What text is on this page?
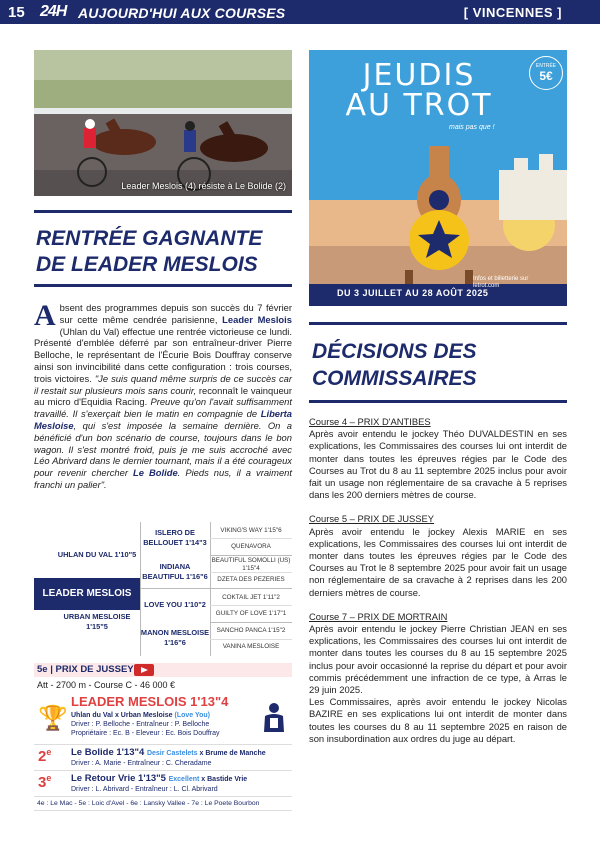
15 24H AUJOURD'HUI AUX COURSES	[ VINCENNES ]
Leader Meslois (4) résiste à Le Bolide (2)
JEUDIS
AU TROT
mais pas que !
ENTRÉE
5€
Infos et billetterie sur letrot.com
DU 3 JUILLET AU 28 AOÛT 2025
RENTRÉE GAGNANTE DE LEADER MESLOIS
Absent des programmes depuis son succès du 7 février sur cette même cendrée parisienne, Leader Meslois (Uhlan du Val) effectue une rentrée victorieuse ce lundi. Présenté d'emblée déferré par son entraîneur-driver Pierre Belloche, le représentant de l'Écurie Bois Douffray conserve ainsi son invincibilité dans cette configuration : trois courses, trois victoires. "Je suis quand même surpris de ce succès car il restait sur plusieurs mois sans courir, reconnaît le vainqueur au micro d'Equidia Racing. Preuve qu'on l'avait suffisamment travaillé. Il s'exerçait bien le matin en compagnie de Liberta Mesloise, qui s'est imposée la semaine dernière. On a bénéficié d'un bon scénario de course, toujours dans le bon wagon. Il s'est montré froid, puis je me suis accroché avec Léo Abrivard dans le dernier tournant, mais il a été courageux pour revenir chercher Le Bolide. Pieds nus, il a vraiment franchi un palier".
UHLAN DU VAL 1'10"5
LEADER MESLOIS
URBAN MESLOISE 1'15"5
ISLERO DE BELLOUET 1'14"3
INDIANA BEAUTIFUL 1'16"6
LOVE YOU 1'10"2
MANON MESLOISE 1'16"6
VIKING'S WAY 1'15"6
QUENAVORA
BEAUTIFUL SOMOLLI (US) 1'15"4
DZETA DES PEZERIES
COKTAIL JET 1'11"2
GUILTY OF LOVE 1'17"1
SANCHO PANCA 1'15"2
VANINA MESLOISE
5e | PRIX DE JUSSEY
Att - 2700 m - Course C - 46 000 €
🏆
LEADER MESLOIS 1'13"4
Uhlan du Val x Urban Mesloise (Love You)
Driver : P. Belloche - Entraîneur : P. Belloche
Propriétaire : Ec. B - Eleveur : Ec. Bois Douffray
2e Le Bolide 1'13"4 Desir Castelets x Brume de Manche
Driver : A. Marie - Entraîneur : C. Cheradame
3e Le Retour Vrie 1'13"5 Excellent x Bastide Vrie
Driver : L. Abrivard - Entraîneur : L. Cl. Abrivard
4e : Le Mac - 5e : Loic d'Avel - 6e : Lansky Vallee - 7e : Le Poete Bourbon
DÉCISIONS DES COMMISSAIRES

Course 4 – PRIX D'ANTIBES
Après avoir entendu le jockey Théo DUVALDESTIN en ses explications, les Commissaires des courses lui ont interdit de monter dans toutes les épreuves régies par le Code des Courses au Trot du 8 au 11 septembre 2025 inclus pour avoir fait un usage non réglementaire de sa cravache à 5 reprises dans les 200 derniers mètres de course.

Course 5 – PRIX DE JUSSEY
Après avoir entendu le jockey Alexis MARIE en ses explications, les Commissaires des courses lui ont interdit de monter dans toutes les épreuves régies par le Code des Courses au Trot le 8 septembre 2025 pour avoir fait un usage non réglementaire de sa cravache à 2 reprises dans les 200 derniers mètres de course.

Course 7 – PRIX DE MORTRAIN
Après avoir entendu le jockey Pierre Christian JEAN en ses explications, les Commissaires des courses lui ont interdit de monter dans toutes les courses du 8 au 15 septembre 2025 inclus pour avoir occasionné la reprise du départ et pour avoir commis précédemment une infraction de ce type, à Arras le 29 juin 2025.
Les Commissaires, après avoir entendu le jockey Nicolas BAZIRE en ses explications lui ont interdit de monter dans toutes les courses du 8 au 11 septembre 2025 en raison de son insubordination aux ordres du juge au départ.
